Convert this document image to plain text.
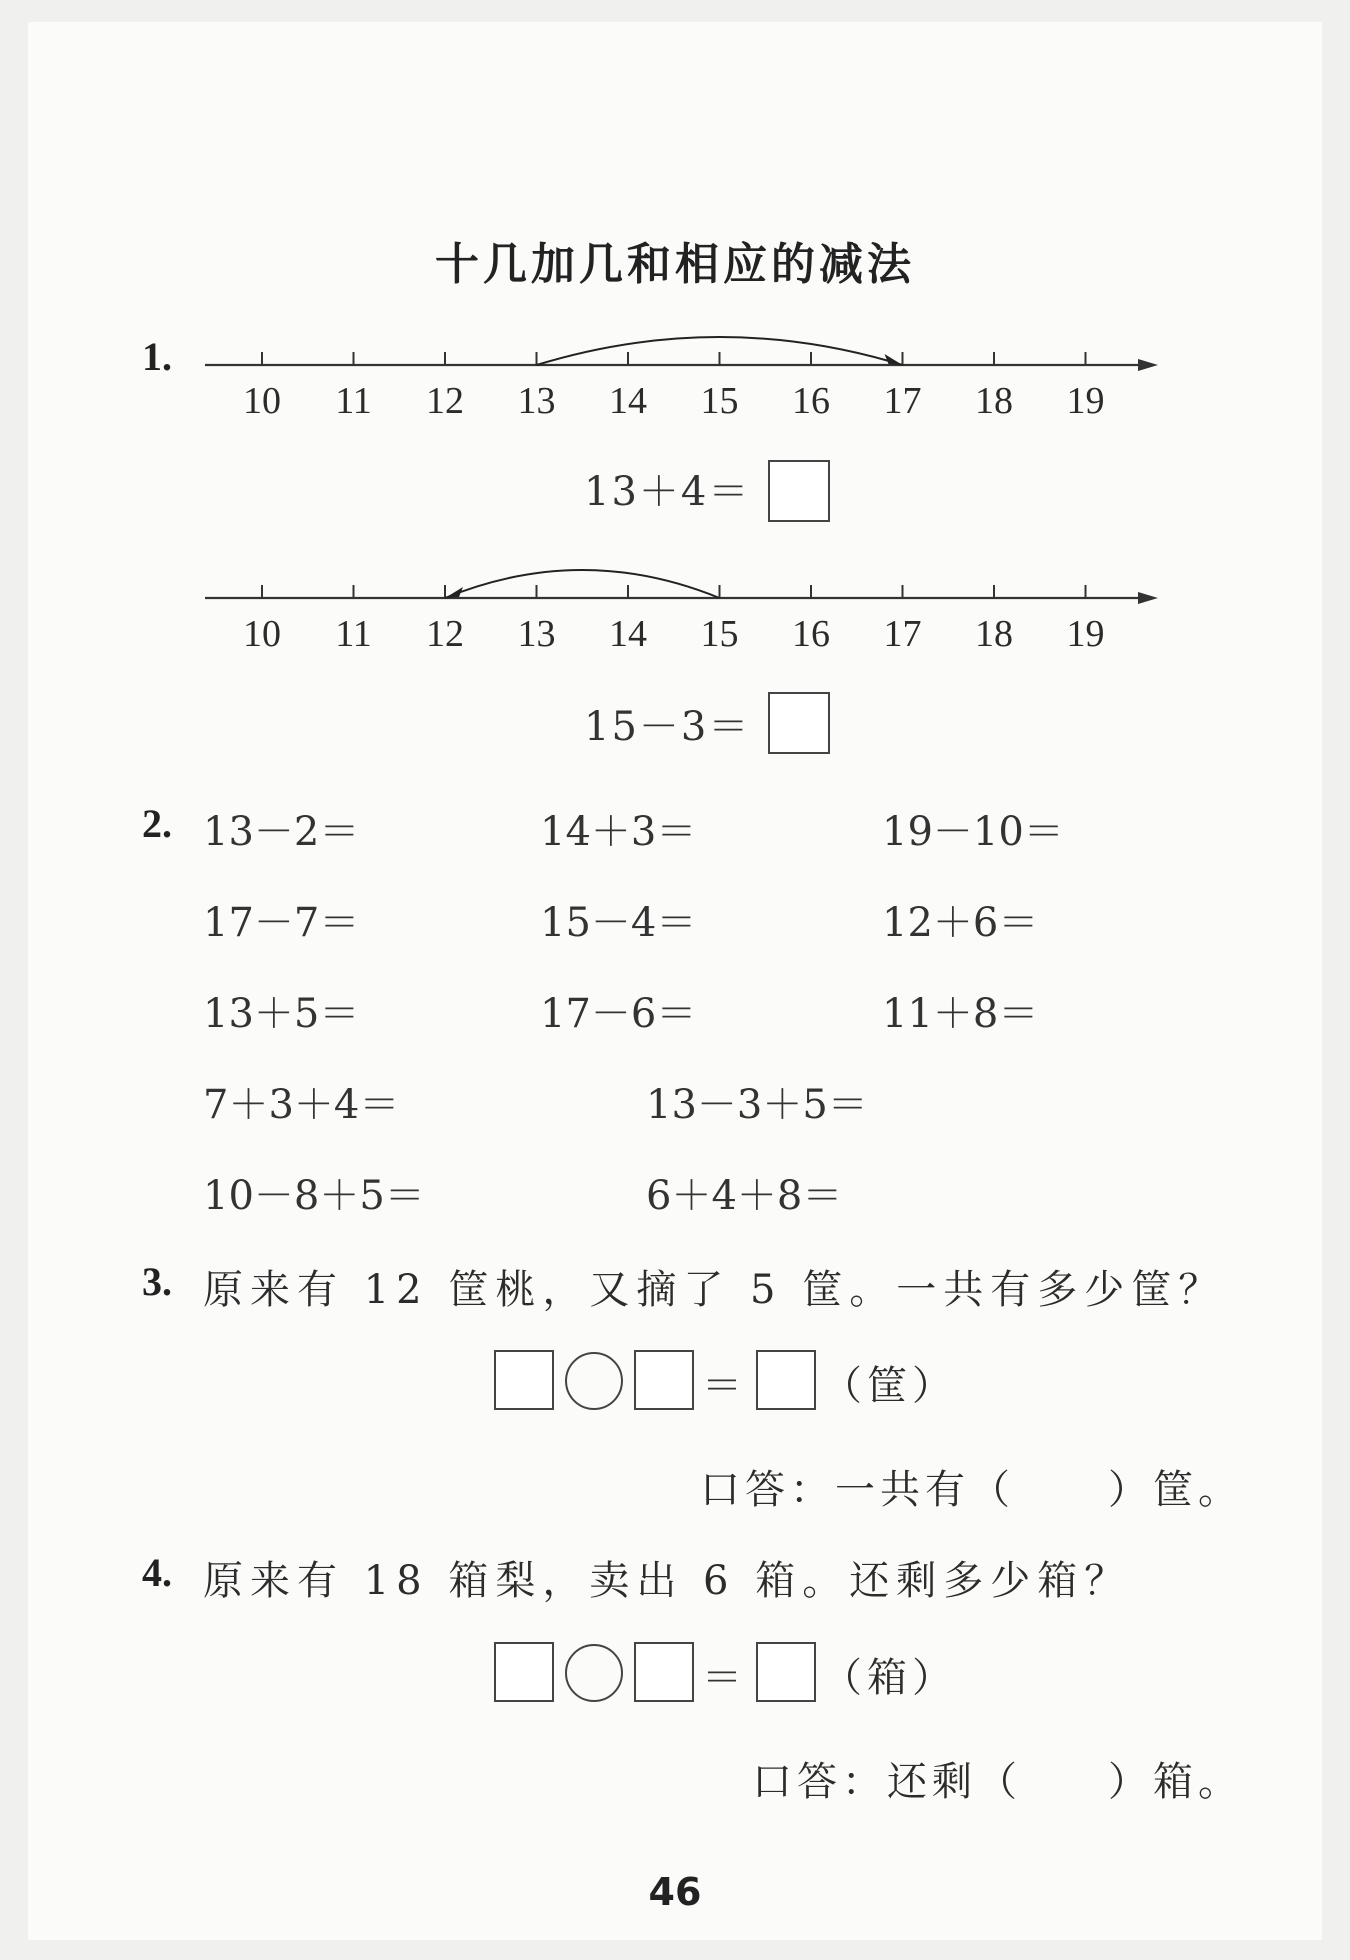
十几加几和相应的减法
1.
10 11 12 13 14 15 16 17 18 19
13＋4＝
10 11 12 13 14 15 16 17 18 19
15－3＝
2. 13－2＝	14＋3＝	19－10＝
17－7＝	15－4＝	12＋6＝
13＋5＝	17－6＝	11＋8＝
7＋3＋4＝	13－3＋5＝
10－8＋5＝	6＋4＋8＝
3. 原来有 12 筐桃，又摘了 5 筐。一共有多少筐？
＝ （筐）
口答：一共有（ ）筐。
4. 原来有 18 箱梨，卖出 6 箱。还剩多少箱？
＝ （箱）
口答：还剩（ ）箱。
46
